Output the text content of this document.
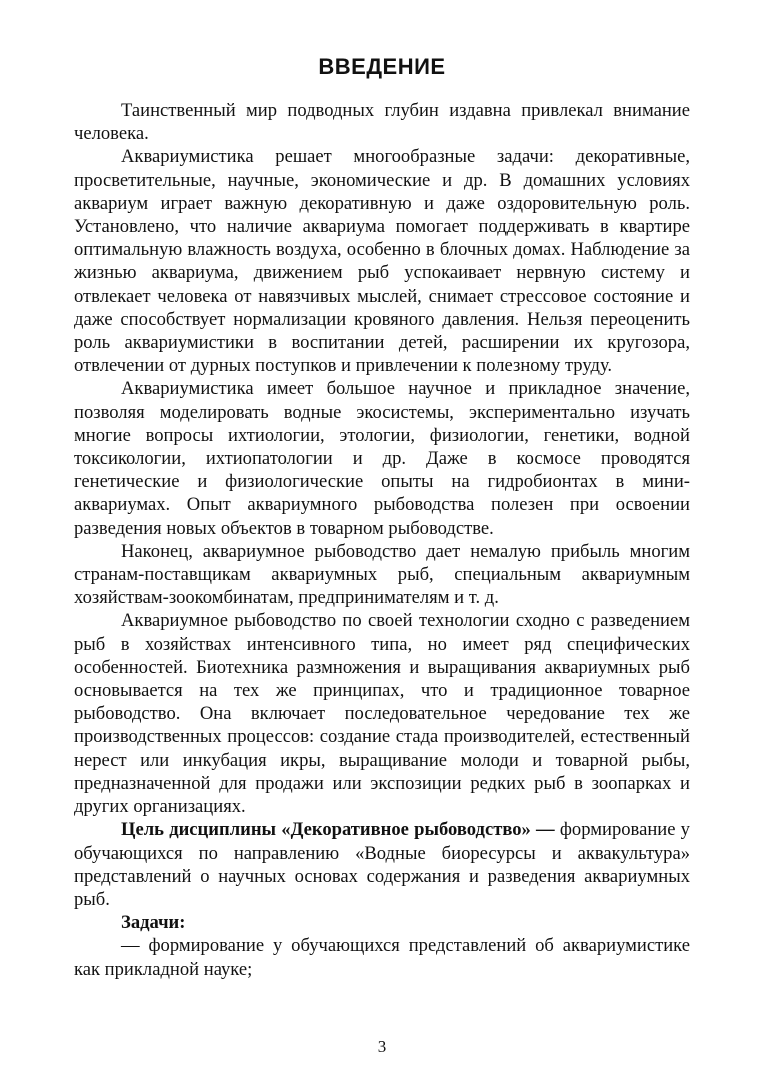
ВВЕДЕНИЕ

Таинственный мир подводных глубин издавна привлекал внимание человека.

Аквариумистика решает многообразные задачи: декоративные, просветительные, научные, экономические и др. В домашних условиях аквариум играет важную декоративную и даже оздоровительную роль. Установлено, что наличие аквариума помогает поддерживать в квартире оптимальную влажность воздуха, особенно в блочных домах. Наблюдение за жизнью аквариума, движением рыб успокаивает нервную систему и отвлекает человека от навязчивых мыслей, снимает стрессовое состояние и даже способствует нормализации кровяного давления. Нельзя переоценить роль аквариумистики в воспитании детей, расширении их кругозора, отвлечении от дурных поступков и привлечении к полезному труду.

Аквариумистика имеет большое научное и прикладное значение, позволяя моделировать водные экосистемы, экспериментально изучать многие вопросы ихтиологии, этологии, физиологии, генетики, водной токсикологии, ихтиопатологии и др. Даже в космосе проводятся генетические и физиологические опыты на гидробионтах в мини-аквариумах. Опыт аквариумного рыбоводства полезен при освоении разведения новых объектов в товарном рыбоводстве.

Наконец, аквариумное рыбоводство дает немалую прибыль многим странам-поставщикам аквариумных рыб, специальным аквариумным хозяйствам-зоокомбинатам, предпринимателям и т. д.

Аквариумное рыбоводство по своей технологии сходно с разведением рыб в хозяйствах интенсивного типа, но имеет ряд специфических особенностей. Биотехника размножения и выращивания аквариумных рыб основывается на тех же принципах, что и традиционное товарное рыбоводство. Она включает последовательное чередование тех же производственных процессов: создание стада производителей, естественный нерест или инкубация икры, выращивание молоди и товарной рыбы, предназначенной для продажи или экспозиции редких рыб в зоопарках и других организациях.

Цель дисциплины «Декоративное рыбоводство» — формирование у обучающихся по направлению «Водные биоресурсы и аквакультура» представлений о научных основах содержания и разведения аквариумных рыб.

Задачи:

— формирование у обучающихся представлений об аквариумистике как прикладной науке;

3
